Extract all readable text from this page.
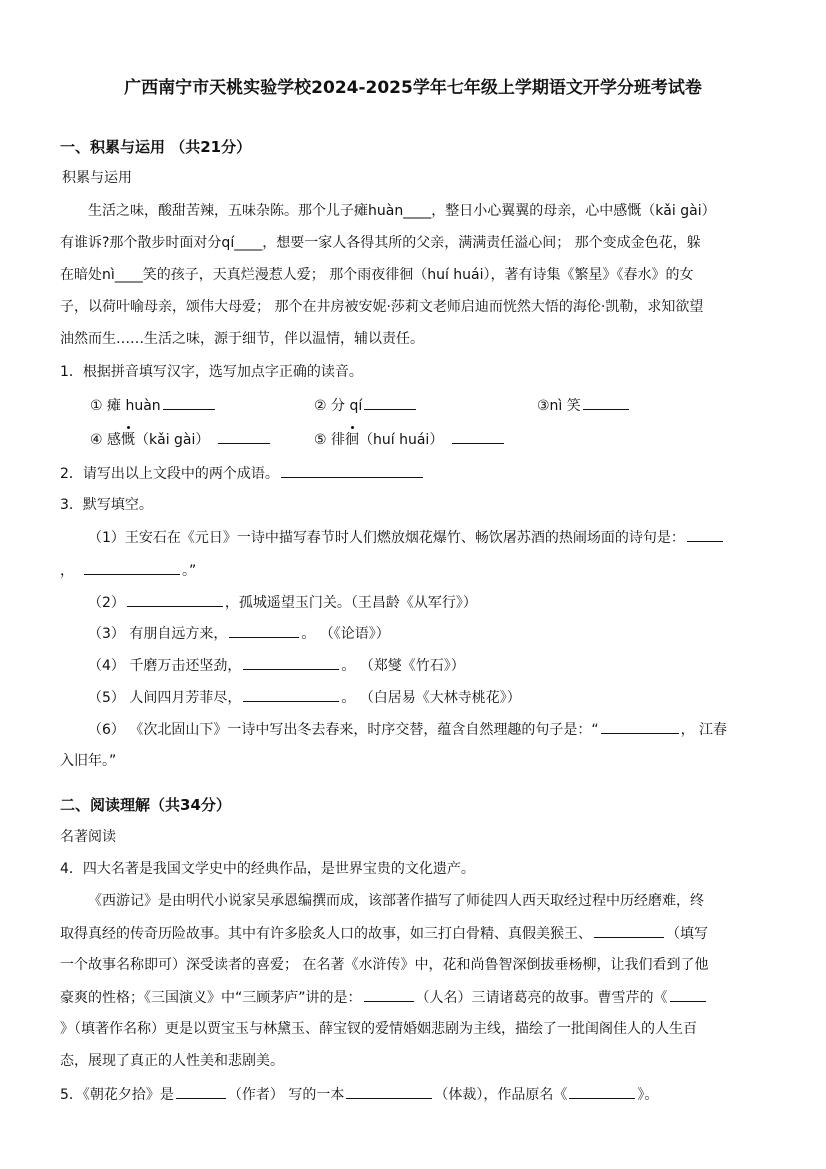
广西南宁市天桃实验学校2024-2025学年七年级上学期语文开学分班考试卷
一、积累与运用 （共21分）
积累与运用
生活之味，酸甜苦辣，五味杂陈。那个儿子瘫huàn____，整日小心翼翼的母亲，心中感慨（kǎi gài）
有谁诉?那个散步时面对分qí____，想要一家人各得其所的父亲，满满责任溢心间； 那个变成金色花，躲
在暗处nì____笑的孩子，天真烂漫惹人爱； 那个雨夜徘徊（huí huái），著有诗集《繁星》《春水》的女
子，以荷叶喻母亲，颂伟大母爱； 那个在井房被安妮·莎莉文老师启迪而恍然大悟的海伦·凯勒，求知欲望
油然而生……生活之味，源于细节，伴以温情，辅以责任。
1．根据拼音填写汉字，选写加点字正确的读音。
① 瘫 huàn	② 分 qí	③nì 笑
④ 感慨（kǎi gài）	⑤ 徘徊（huí huái）
2．请写出以上文段中的两个成语。
3．默写填空。
（1）王安石在《元日》一诗中描写春节时人们燃放烟花爆竹、畅饮屠苏酒的热闹场面的诗句是：
，	。”
（2）	，孤城遥望玉门关。（王昌龄《从军行》）
（3） 有朋自远方来，	。 （《论语》）
（4） 千磨万击还坚劲，	。 （郑燮《竹石》）
（5） 人间四月芳菲尽，	。 （白居易《大林寺桃花》）
（6） 《次北固山下》一诗中写出冬去春来，时序交替，蕴含自然理趣的句子是：“	， 江春
入旧年。”
二、阅读理解（共34分）
名著阅读
4．四大名著是我国文学史中的经典作品，是世界宝贵的文化遗产。
《西游记》是由明代小说家吴承恩编撰而成，该部著作描写了师徒四人西天取经过程中历经磨难，终
取得真经的传奇历险故事。其中有许多脍炙人口的故事，如三打白骨精、真假美猴王、	（填写
一个故事名称即可）深受读者的喜爱； 在名著《水浒传》中，花和尚鲁智深倒拔垂杨柳，让我们看到了他
豪爽的性格；《三国演义》中“三顾茅庐”讲的是：	（人名）三请诸葛亮的故事。曹雪芹的《
》（填著作名称）更是以贾宝玉与林黛玉、薛宝钗的爱情婚姻悲剧为主线，描绘了一批闺阁佳人的人生百
态，展现了真正的人性美和悲剧美。
5．《朝花夕拾》是	（作者） 写的一本	（体裁），作品原名《	》。
